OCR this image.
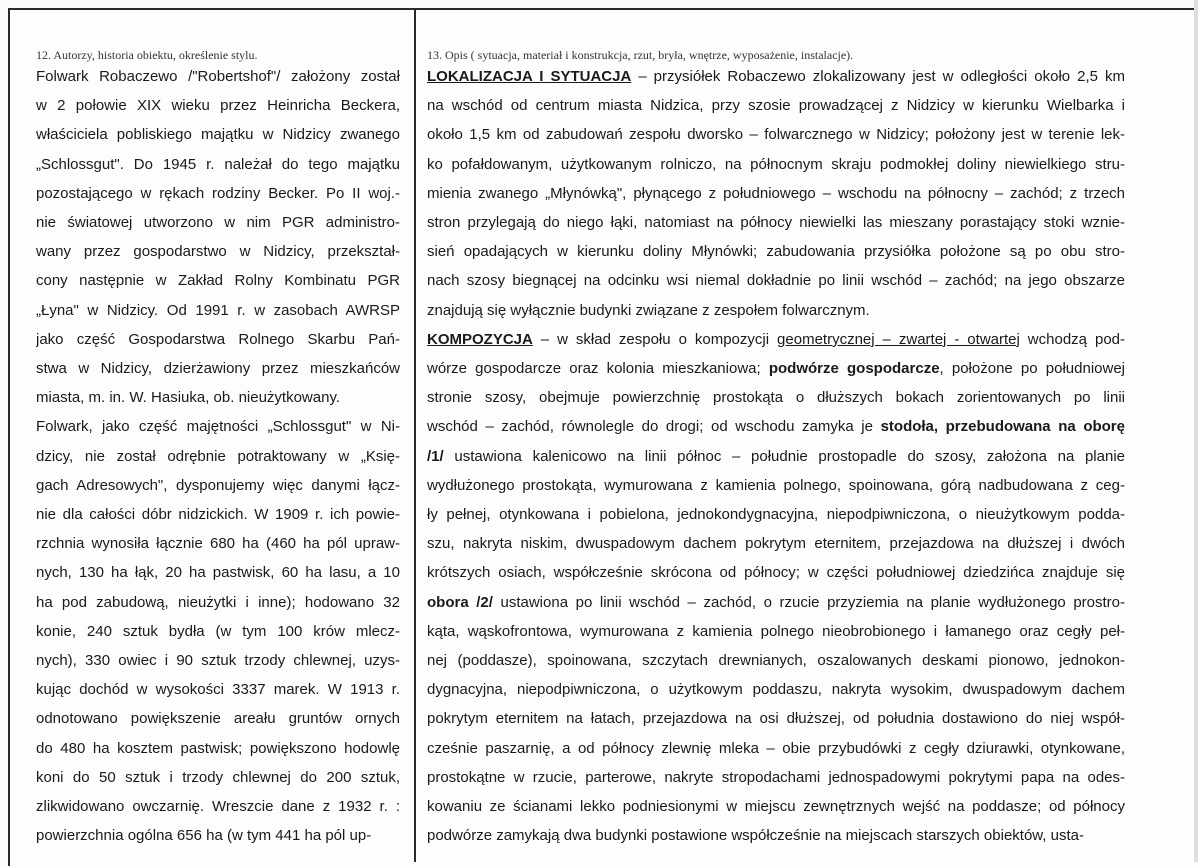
12. Autorzy, historia obiektu, określenie stylu.	13. Opis ( sytuacja, materiał i konstrukcja, rzut, bryła, wnętrze, wyposażenie, instalacje).
Folwark Robaczewo /"Robertshof"/ założony został
w 2 połowie XIX wieku przez Heinricha Beckera,
właściciela pobliskiego majątku w Nidzicy zwanego
„Schlossgut". Do 1945 r. należał do tego majątku
pozostającego w rękach rodziny Becker. Po II woj.-
nie światowej utworzono w nim PGR administro-
wany przez gospodarstwo w Nidzicy, przekształ-
cony następnie w Zakład Rolny Kombinatu PGR
„Łyna" w Nidzicy. Od 1991 r. w zasobach AWRSP
jako część Gospodarstwa Rolnego Skarbu Pań-
stwa w Nidzicy, dzierżawiony przez mieszkańców
miasta, m. in. W. Hasiuka, ob. nieużytkowany.
Folwark, jako część majętności „Schlossgut" w Ni-
dzicy, nie został odrębnie potraktowany w „Księ-
gach Adresowych", dysponujemy więc danymi łącz-
nie dla całości dóbr nidzickich. W 1909 r. ich powie-
rzchnia wynosiła łącznie 680 ha (460 ha pól upraw-
nych, 130 ha łąk, 20 ha pastwisk, 60 ha lasu, a 10
ha pod zabudową, nieużytki i inne); hodowano 32
konie, 240 sztuk bydła (w tym 100 krów mlecz-
nych), 330 owiec i 90 sztuk trzody chlewnej, uzys-
kując dochód w wysokości 3337 marek. W 1913 r.
odnotowano powiększenie areału gruntów ornych
do 480 ha kosztem pastwisk; powiększono hodowlę
koni do 50 sztuk i trzody chlewnej do 200 sztuk,
zlikwidowano owczarnię. Wreszcie dane z 1932 r. :
powierzchnia ogólna 656 ha (w tym 441 ha pól up-
LOKALIZACJA I SYTUACJA – przysiółek Robaczewo zlokalizowany jest w odległości około 2,5 km
na wschód od centrum miasta Nidzica, przy szosie prowadzącej z Nidzicy w kierunku Wielbarka i
około 1,5 km od zabudowań zespołu dworsko – folwarcznego w Nidzicy; położony jest w terenie lek-
ko pofałdowanym, użytkowanym rolniczo, na północnym skraju podmokłej doliny niewielkiego stru-
mienia zwanego „Młynówką", płynącego z południowego – wschodu na północny – zachód; z trzech
stron przylegają do niego łąki, natomiast na północy niewielki las mieszany porastający stoki wznie-
sień opadających w kierunku doliny Młynówki; zabudowania przysiółka położone są po obu stro-
nach szosy biegnącej na odcinku wsi niemal dokładnie po linii wschód – zachód; na jego obszarze
znajdują się wyłącznie budynki związane z zespołem folwarcznym.
KOMPOZYCJA – w skład zespołu o kompozycji geometrycznej – zwartej - otwartej wchodzą pod-
wórze gospodarcze oraz kolonia mieszkaniowa; podwórze gospodarcze, położone po południowej
stronie szosy, obejmuje powierzchnię prostokąta o dłuższych bokach zorientowanych po linii
wschód – zachód, równolegle do drogi; od wschodu zamyka je stodoła, przebudowana na oborę
/1/ ustawiona kalenicowo na linii północ – południe prostopadle do szosy, założona na planie
wydłużonego prostokąta, wymurowana z kamienia polnego, spoinowana, górą nadbudowana z ceg-
ły pełnej, otynkowana i pobielona, jednokondygnacyjna, niepodpiwniczona, o nieużytkowym podda-
szu, nakryta niskim, dwuspadowym dachem pokrytym eternitem, przejazdowa na dłuższej i dwóch
krótszych osiach, współcześnie skrócona od północy; w części południowej dziedzińca znajduje się
obora /2/ ustawiona po linii wschód – zachód, o rzucie przyziemia na planie wydłużonego prostro-
kąta, wąskofrontowa, wymurowana z kamienia polnego nieobrobionego i łamanego oraz cegły peł-
nej (poddasze), spoinowana, szczytach drewnianych, oszalowanych deskami pionowo, jednokon-
dygnacyjna, niepodpiwniczona, o użytkowym poddaszu, nakryta wysokim, dwuspadowym dachem
pokrytym eternitem na łatach, przejazdowa na osi dłuższej, od południa dostawiono do niej współ-
cześnie paszarnię, a od północy zlewnię mleka – obie przybudówki z cegły dziurawki, otynkowane,
prostokątne w rzucie, parterowe, nakryte stropodachami jednospadowymi pokrytymi papa na odes-
kowaniu ze ścianami lekko podniesionymi w miejscu zewnętrznych wejść na poddasze; od północy
podwórze zamykają dwa budynki postawione współcześnie na miejscach starszych obiektów, usta-
